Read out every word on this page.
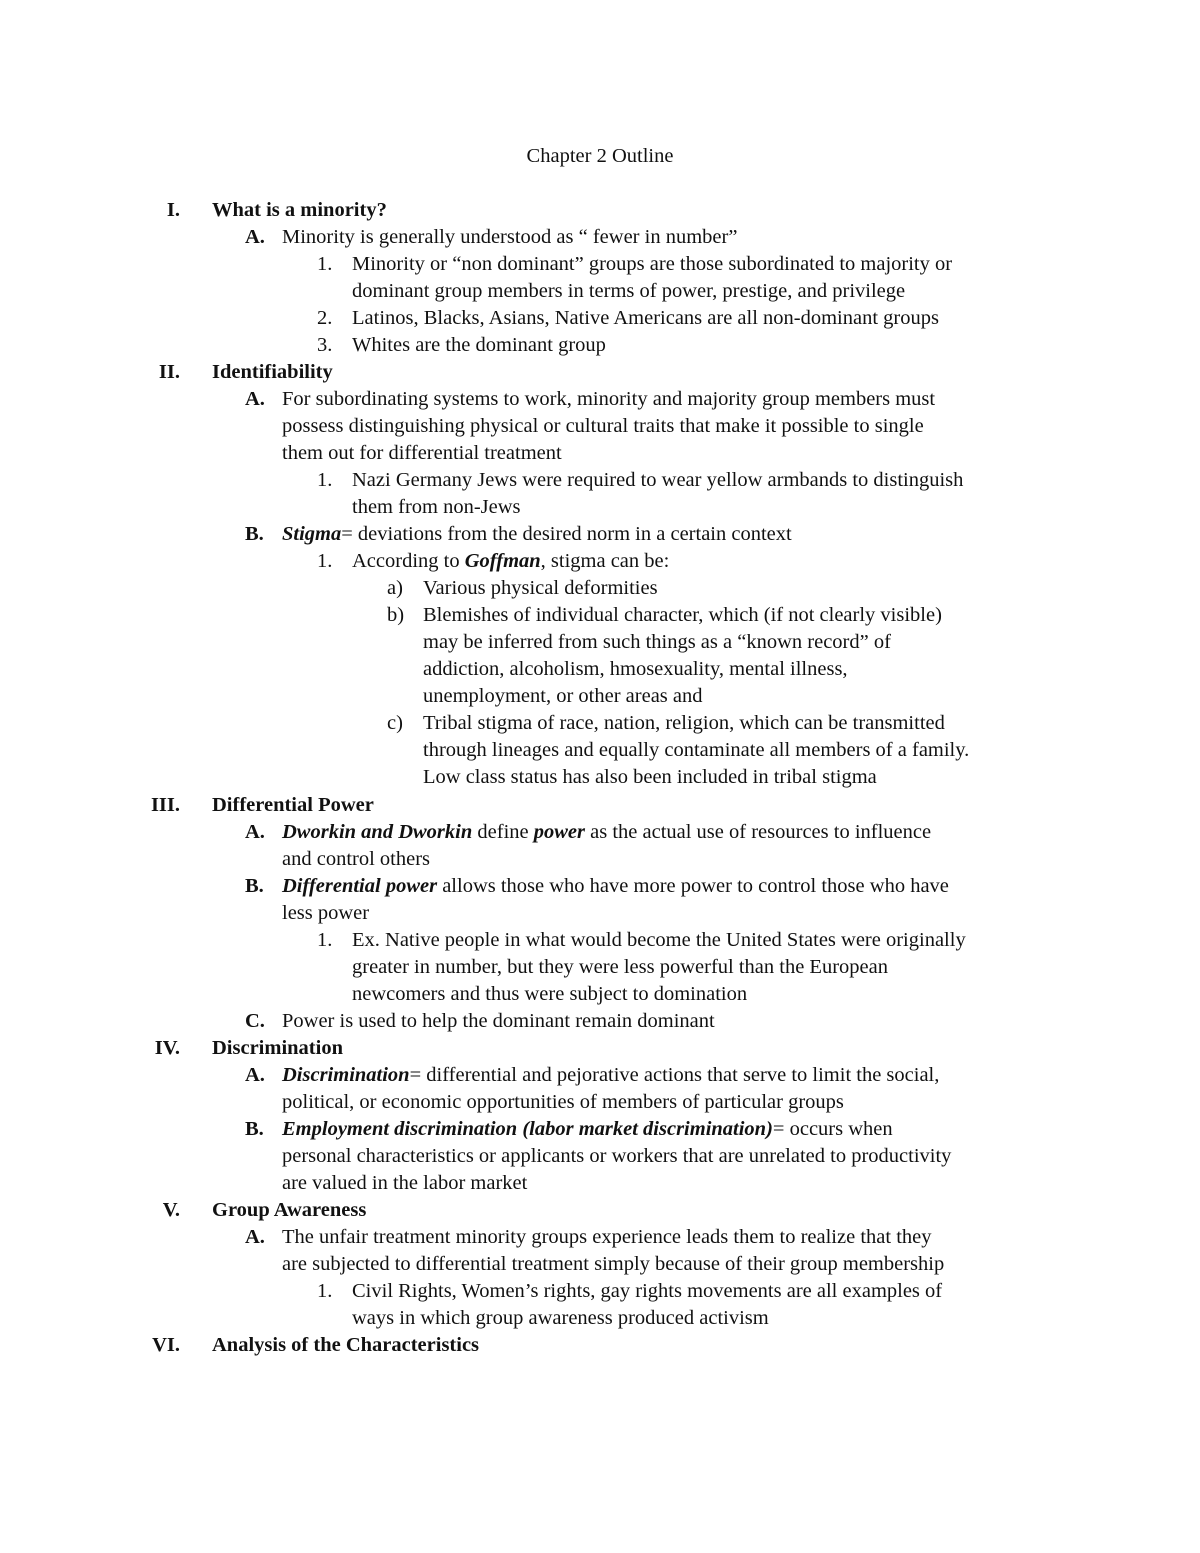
Chapter 2 Outline
I. What is a minority?
A. Minority is generally understood as “ fewer in number”
1. Minority or “non dominant” groups are those subordinated to majority or
dominant group members in terms of power, prestige, and privilege
2. Latinos, Blacks, Asians, Native Americans are all non-dominant groups
3. Whites are the dominant group
II. Identifiability
A. For subordinating systems to work, minority and majority group members must
possess distinguishing physical or cultural traits that make it possible to single
them out for differential treatment
1. Nazi Germany Jews were required to wear yellow armbands to distinguish
them from non-Jews
B. Stigma= deviations from the desired norm in a certain context
1. According to Goffman, stigma can be:
a) Various physical deformities
b) Blemishes of individual character, which (if not clearly visible)
may be inferred from such things as a “known record” of
addiction, alcoholism, hmosexuality, mental illness,
unemployment, or other areas and
c) Tribal stigma of race, nation, religion, which can be transmitted
through lineages and equally contaminate all members of a family.
Low class status has also been included in tribal stigma
III. Differential Power
A. Dworkin and Dworkin define power as the actual use of resources to influence
and control others
B. Differential power allows those who have more power to control those who have
less power
1. Ex. Native people in what would become the United States were originally
greater in number, but they were less powerful than the European
newcomers and thus were subject to domination
C. Power is used to help the dominant remain dominant
IV. Discrimination
A. Discrimination= differential and pejorative actions that serve to limit the social,
political, or economic opportunities of members of particular groups
B. Employment discrimination (labor market discrimination)= occurs when
personal characteristics or applicants or workers that are unrelated to productivity
are valued in the labor market
V. Group Awareness
A. The unfair treatment minority groups experience leads them to realize that they
are subjected to differential treatment simply because of their group membership
1. Civil Rights, Women’s rights, gay rights movements are all examples of
ways in which group awareness produced activism
VI. Analysis of the Characteristics
